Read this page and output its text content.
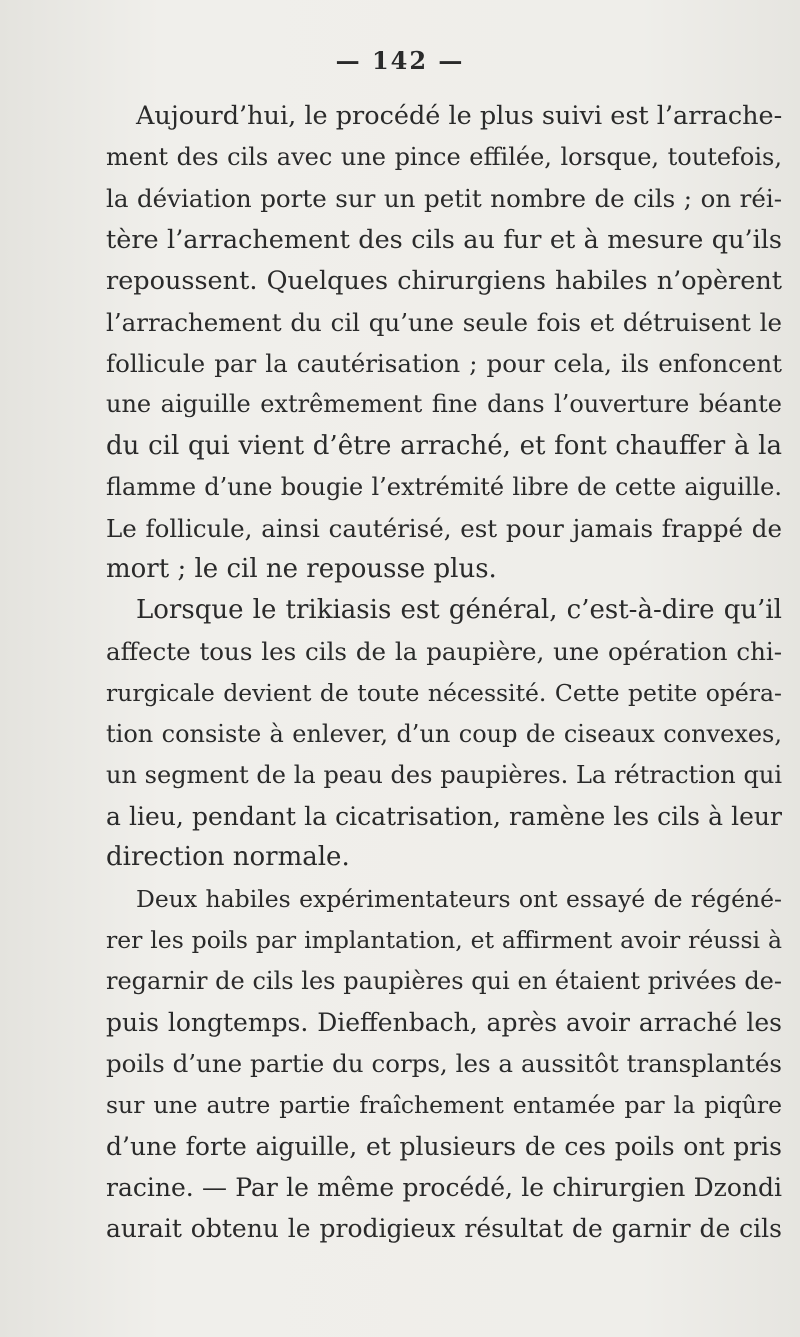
— 142 —
Aujourd’hui, le procédé le plus suivi est l’arrache-
ment des cils avec une pince effilée, lorsque, toutefois,
la déviation porte sur un petit nombre de cils ; on réi-
tère l’arrachement des cils au fur et à mesure qu’ils
repoussent. Quelques chirurgiens habiles n’opèrent
l’arrachement du cil qu’une seule fois et détruisent le
follicule par la cautérisation ; pour cela, ils enfoncent
une aiguille extrêmement fine dans l’ouverture béante
du cil qui vient d’être arraché, et font chauffer à la
flamme d’une bougie l’extrémité libre de cette aiguille.
Le follicule, ainsi cautérisé, est pour jamais frappé de
mort ; le cil ne repousse plus.
Lorsque le trikiasis est général, c’est-à-dire qu’il
affecte tous les cils de la paupière, une opération chi-
rurgicale devient de toute nécessité. Cette petite opéra-
tion consiste à enlever, d’un coup de ciseaux convexes,
un segment de la peau des paupières. La rétraction qui
a lieu, pendant la cicatrisation, ramène les cils à leur
direction normale.
Deux habiles expérimentateurs ont essayé de régéné-
rer les poils par implantation, et affirment avoir réussi à
regarnir de cils les paupières qui en étaient privées de-
puis longtemps. Dieffenbach, après avoir arraché les
poils d’une partie du corps, les a aussitôt transplantés
sur une autre partie fraîchement entamée par la piqûre
d’une forte aiguille, et plusieurs de ces poils ont pris
racine. — Par le même procédé, le chirurgien Dzondi
aurait obtenu le prodigieux résultat de garnir de cils
